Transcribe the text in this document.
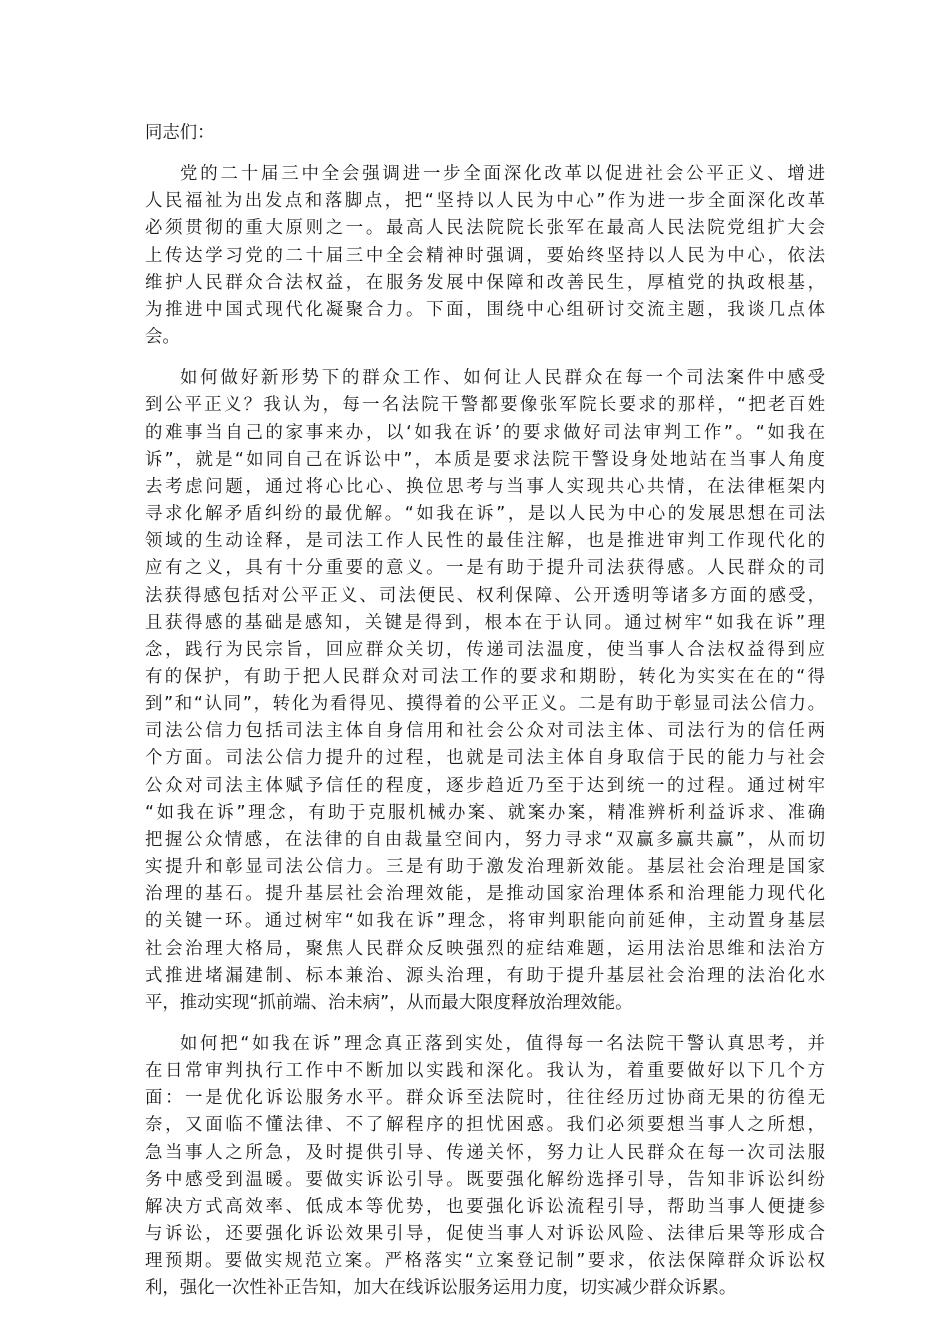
同志们：
党的二十届三中全会强调进一步全面深化改革以促进社会公平正义、增进
人民福祉为出发点和落脚点，把“坚持以人民为中心”作为进一步全面深化改革
必须贯彻的重大原则之一。最高人民法院院长张军在最高人民法院党组扩大会
上传达学习党的二十届三中全会精神时强调，要始终坚持以人民为中心，依法
维护人民群众合法权益，在服务发展中保障和改善民生，厚植党的执政根基，
为推进中国式现代化凝聚合力。下面，围绕中心组研讨交流主题，我谈几点体
会。
如何做好新形势下的群众工作、如何让人民群众在每一个司法案件中感受
到公平正义？我认为，每一名法院干警都要像张军院长要求的那样，“把老百姓
的难事当自己的家事来办，以‘如我在诉’的要求做好司法审判工作”。“如我在
诉”，就是“如同自己在诉讼中”，本质是要求法院干警设身处地站在当事人角度
去考虑问题，通过将心比心、换位思考与当事人实现共心共情，在法律框架内
寻求化解矛盾纠纷的最优解。“如我在诉”，是以人民为中心的发展思想在司法
领域的生动诠释，是司法工作人民性的最佳注解，也是推进审判工作现代化的
应有之义，具有十分重要的意义。一是有助于提升司法获得感。人民群众的司
法获得感包括对公平正义、司法便民、权利保障、公开透明等诸多方面的感受，
且获得感的基础是感知，关键是得到，根本在于认同。通过树牢“如我在诉”理
念，践行为民宗旨，回应群众关切，传递司法温度，使当事人合法权益得到应
有的保护，有助于把人民群众对司法工作的要求和期盼，转化为实实在在的“得
到”和“认同”，转化为看得见、摸得着的公平正义。二是有助于彰显司法公信力。
司法公信力包括司法主体自身信用和社会公众对司法主体、司法行为的信任两
个方面。司法公信力提升的过程，也就是司法主体自身取信于民的能力与社会
公众对司法主体赋予信任的程度，逐步趋近乃至于达到统一的过程。通过树牢
“如我在诉”理念，有助于克服机械办案、就案办案，精准辨析利益诉求、准确
把握公众情感，在法律的自由裁量空间内，努力寻求“双赢多赢共赢”，从而切
实提升和彰显司法公信力。三是有助于激发治理新效能。基层社会治理是国家
治理的基石。提升基层社会治理效能，是推动国家治理体系和治理能力现代化
的关键一环。通过树牢“如我在诉”理念，将审判职能向前延伸，主动置身基层
社会治理大格局，聚焦人民群众反映强烈的症结难题，运用法治思维和法治方
式推进堵漏建制、标本兼治、源头治理，有助于提升基层社会治理的法治化水
平，推动实现“抓前端、治未病”，从而最大限度释放治理效能。
如何把“如我在诉”理念真正落到实处，值得每一名法院干警认真思考，并
在日常审判执行工作中不断加以实践和深化。我认为，着重要做好以下几个方
面：一是优化诉讼服务水平。群众诉至法院时，往往经历过协商无果的彷徨无
奈，又面临不懂法律、不了解程序的担忧困惑。我们必须要想当事人之所想，
急当事人之所急，及时提供引导、传递关怀，努力让人民群众在每一次司法服
务中感受到温暖。要做实诉讼引导。既要强化解纷选择引导，告知非诉讼纠纷
解决方式高效率、低成本等优势，也要强化诉讼流程引导，帮助当事人便捷参
与诉讼，还要强化诉讼效果引导，促使当事人对诉讼风险、法律后果等形成合
理预期。要做实规范立案。严格落实“立案登记制”要求，依法保障群众诉讼权
利，强化一次性补正告知，加大在线诉讼服务运用力度，切实减少群众诉累。
